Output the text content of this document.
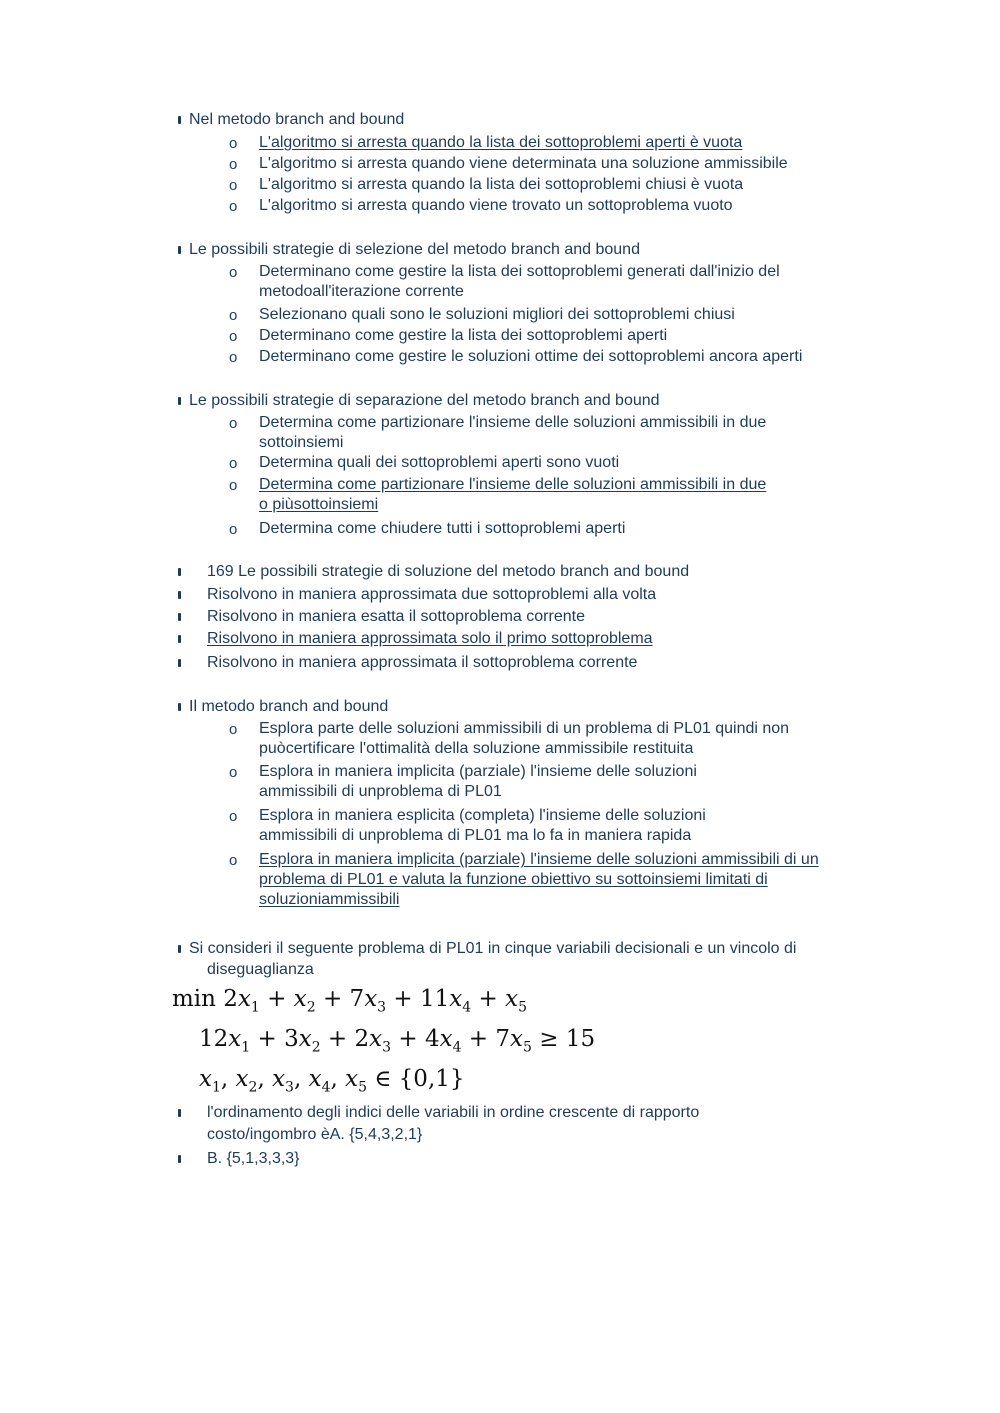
····
Nel metodo branch and bound
o L'algoritmo si arresta quando la lista dei sottoproblemi aperti è vuota
o L'algoritmo si arresta quando viene determinata una soluzione ammissibile
o L'algoritmo si arresta quando la lista dei sottoproblemi chiusi è vuota
o L'algoritmo si arresta quando viene trovato un sottoproblema vuoto
Le possibili strategie di selezione del metodo branch and bound
o Determinano come gestire la lista dei sottoproblemi generati dall'inizio del metodoall'iterazione corrente
o Selezionano quali sono le soluzioni migliori dei sottoproblemi chiusi
o Determinano come gestire la lista dei sottoproblemi aperti
o Determinano come gestire le soluzioni ottime dei sottoproblemi ancora aperti
Le possibili strategie di separazione del metodo branch and bound
o Determina come partizionare l'insieme delle soluzioni ammissibili in due sottoinsiemi
o Determina quali dei sottoproblemi aperti sono vuoti
o Determina come partizionare l'insieme delle soluzioni ammissibili in due o piùsottoinsiemi
o Determina come chiudere tutti i sottoproblemi aperti
169 Le possibili strategie di soluzione del metodo branch and bound
Risolvono in maniera approssimata due sottoproblemi alla volta
Risolvono in maniera esatta il sottoproblema corrente
Risolvono in maniera approssimata solo il primo sottoproblema
Risolvono in maniera approssimata il sottoproblema corrente
Il metodo branch and bound
o Esplora parte delle soluzioni ammissibili di un problema di PL01 quindi non puòcertificare l'ottimalità della soluzione ammissibile restituita
o Esplora in maniera implicita (parziale) l'insieme delle soluzioni ammissibili di unproblema di PL01
o Esplora in maniera esplicita (completa) l'insieme delle soluzioni ammissibili di unproblema di PL01 ma lo fa in maniera rapida
o Esplora in maniera implicita (parziale) l'insieme delle soluzioni ammissibili di un problema di PL01 e valuta la funzione obiettivo su sottoinsiemi limitati di soluzioniammissibili
Si consideri il seguente problema di PL01 in cinque variabili decisionali e un vincolo di diseguaglianza
$\min 2x_1 + x_2 + 7x_3 + 11x_4 + x_5$
$12x_1 + 3x_2 + 2x_3 + 4x_4 + 7x_5 \ge 15$
$x_1$, $x_2$, $x_3$, $x_4$, $x_5$ ∈ {0,1}
l'ordinamento degli indici delle variabili in ordine crescente di rapporto costo/ingombro èA. {5,4,3,2,1}
B. {5,1,3,3,3}
